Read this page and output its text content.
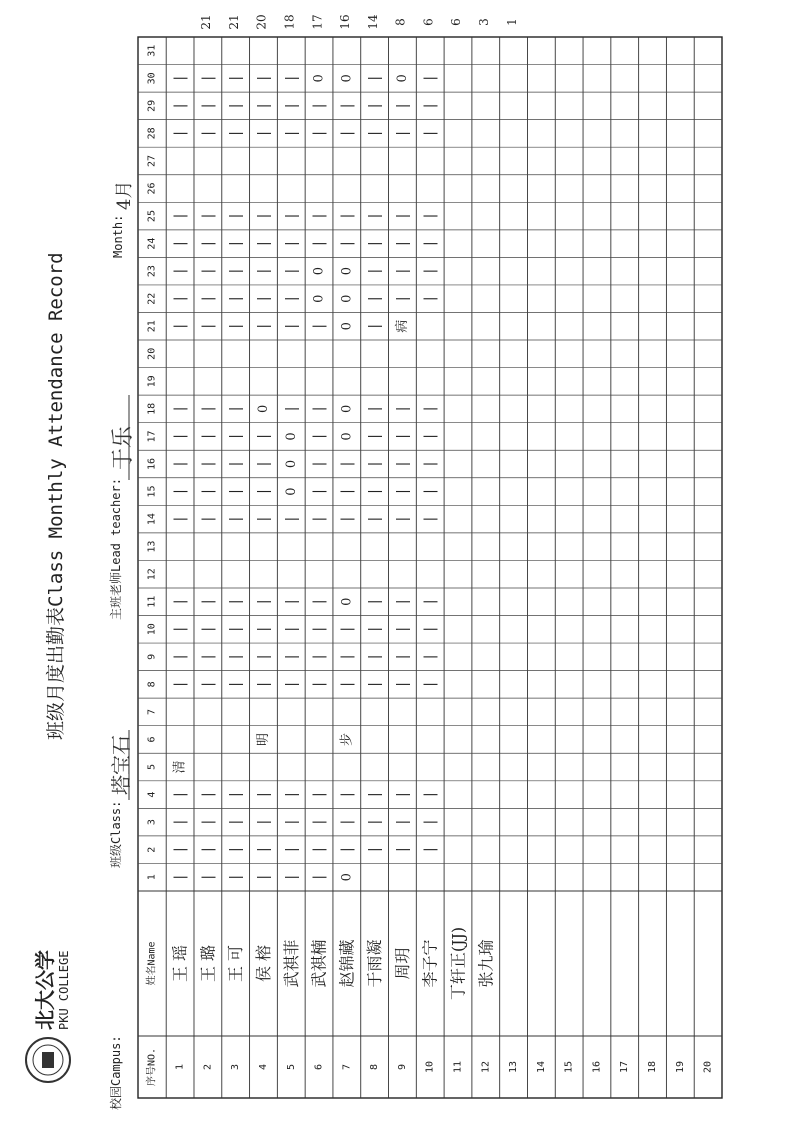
班级月度出勤表Class Monthly Attendance Record
北大公学 PKU COLLEGE
校园Campus:
班级Class:
塔宝石
主班老师Lead teacher:
于乐
Month:
4月
序号NO.
姓名Name
1
2
3
4
5
6
7
8
9
10
11
12
13
14
15
16
17
18
19
20
21
22
23
24
25
26
27
28
29
30
31
1
王 瑶
|
|
|
|
清
|
|
|
|
|
|
|
|
|
|
|
|
|
|
|
|
|
2
王 璐
|
|
|
|
|
|
|
|
|
|
|
|
|
|
|
|
|
|
|
|
|
3
王 可
|
|
|
|
|
|
|
|
|
|
|
|
|
|
|
|
|
|
|
|
|
4
侯 榕
|
|
|
|
明
|
|
|
|
|
|
|
|
0
|
|
|
|
|
|
|
|
5
武祺菲
|
|
|
|
|
|
|
|
|
0
0
0
|
|
|
|
|
|
|
|
|
6
武祺楠
|
|
|
|
|
|
|
|
|
|
|
|
|
|
0
0
|
|
|
|
0
7
赵锦藏
0
|
|
|
步
|
|
|
0
|
|
|
0
0
0
0
0
|
|
|
|
0
8
于雨凝
|
|
|
|
|
|
|
|
|
|
|
|
|
|
|
|
|
|
|
|
9
周玥
|
|
|
|
|
|
|
|
|
|
|
|
病
|
|
|
|
|
|
0
10
李子宁
|
|
|
|
|
|
|
|
|
|
|
|
|
|
|
|
|
|
|
11
丁轩正(JJ)
12
张九瑜
13 14 15 16 17 18 19 20
21 21 20 18 17 16 14 8 6 6 3 1
